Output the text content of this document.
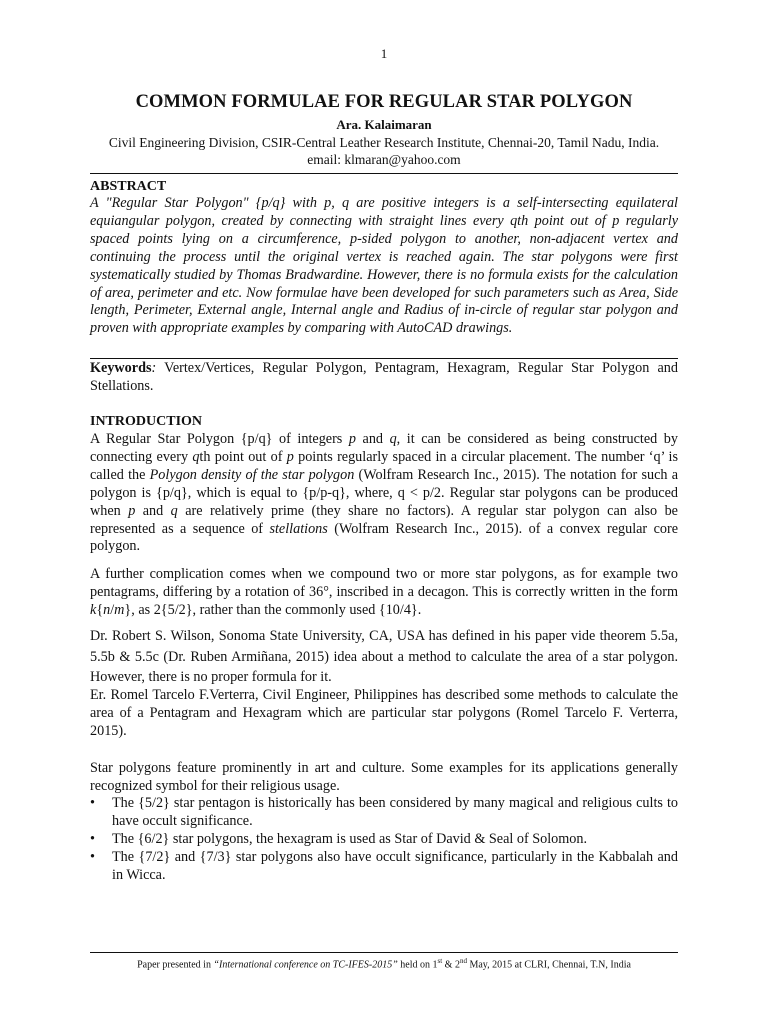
1
COMMON FORMULAE FOR REGULAR STAR POLYGON
Ara. Kalaimaran
Civil Engineering Division, CSIR-Central Leather Research Institute, Chennai-20, Tamil Nadu, India.
email: klmaran@yahoo.com
ABSTRACT
A "Regular Star Polygon" {p/q} with p, q are positive integers is a self-intersecting equilateral equiangular polygon, created by connecting with straight lines every qth point out of p regularly spaced points lying on a circumference, p-sided polygon to another, non-adjacent vertex and continuing the process until the original vertex is reached again. The star polygons were first systematically studied by Thomas Bradwardine. However, there is no formula exists for the calculation of area, perimeter and etc. Now formulae have been developed for such parameters such as Area, Side length, Perimeter, External angle, Internal angle and Radius of in-circle of regular star polygon and proven with appropriate examples by comparing with AutoCAD drawings.
Keywords: Vertex/Vertices, Regular Polygon, Pentagram, Hexagram, Regular Star Polygon and Stellations.
INTRODUCTION

A Regular Star Polygon {p/q} of integers p and q, it can be considered as being constructed by connecting every qth point out of p points regularly spaced in a circular placement. The number ‘q’ is called the Polygon density of the star polygon (Wolfram Research Inc., 2015). The notation for such a polygon is {p/q}, which is equal to {p/p-q}, where, q < p/2. Regular star polygons can be produced when p and q are relatively prime (they share no factors). A regular star polygon can also be represented as a sequence of stellations (Wolfram Research Inc., 2015). of a convex regular core polygon.

A further complication comes when we compound two or more star polygons, as for example two pentagrams, differing by a rotation of 36°, inscribed in a decagon. This is correctly written in the form k{n/m}, as 2{5/2}, rather than the commonly used {10/4}.

Dr. Robert S. Wilson, Sonoma State University, CA, USA has defined in his paper vide theorem 5.5a, 5.5b & 5.5c (Dr. Ruben Armiñana, 2015) idea about a method to calculate the area of a star polygon. However, there is no proper formula for it.

Er. Romel Tarcelo F.Verterra, Civil Engineer, Philippines has described some methods to calculate the area of a Pentagram and Hexagram which are particular star polygons (Romel Tarcelo F. Verterra, 2015).

Star polygons feature prominently in art and culture. Some examples for its applications generally recognized symbol for their religious usage.

• The {5/2} star pentagon is historically has been considered by many magical and religious cults to have occult significance.
• The {6/2} star polygons, the hexagram is used as Star of David & Seal of Solomon.
• The {7/2} and {7/3} star polygons also have occult significance, particularly in the Kabbalah and in Wicca.
Paper presented in “International conference on TC-IFES-2015” held on 1st & 2nd May, 2015 at CLRI, Chennai, T.N, India
